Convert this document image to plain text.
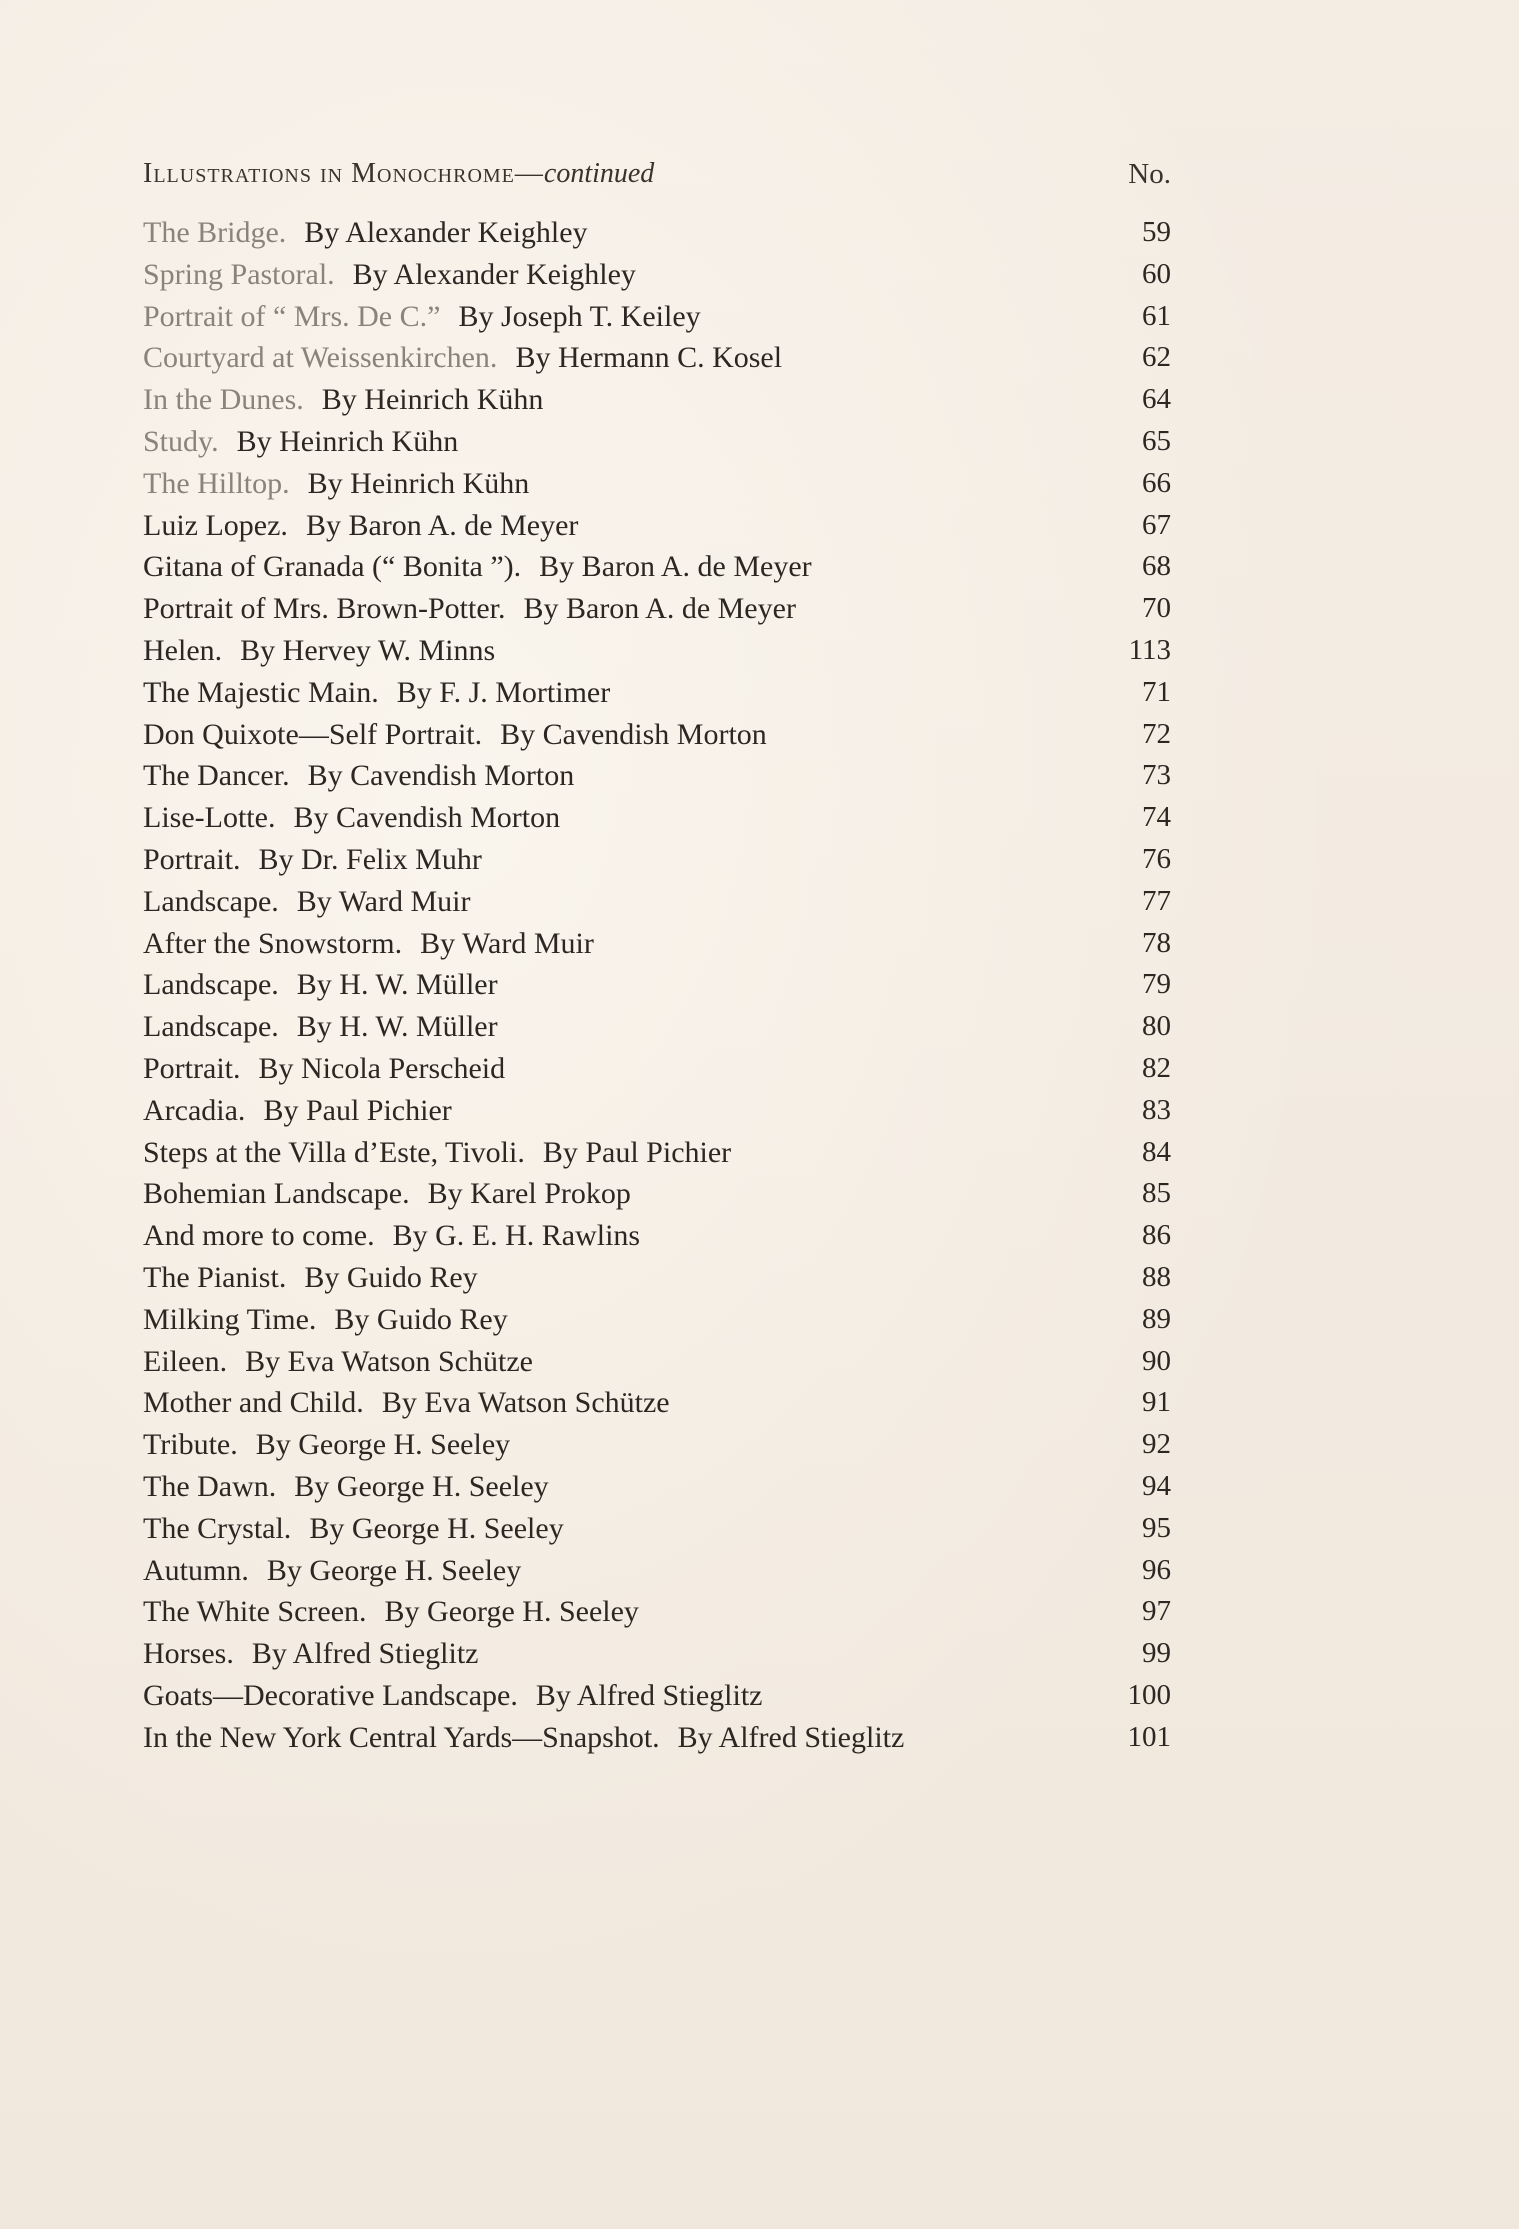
Illustrations in Monochrome—continued	No.
The Bridge. By Alexander Keighley	59
Spring Pastoral. By Alexander Keighley	60
Portrait of “ Mrs. De C.” By Joseph T. Keiley	61
Courtyard at Weissenkirchen. By Hermann C. Kosel	62
In the Dunes. By Heinrich Kühn	64
Study. By Heinrich Kühn	65
The Hilltop. By Heinrich Kühn	66
Luiz Lopez. By Baron A. de Meyer	67
Gitana of Granada (“ Bonita ”). By Baron A. de Meyer	68
Portrait of Mrs. Brown-Potter. By Baron A. de Meyer	70
Helen. By Hervey W. Minns	113
The Majestic Main. By F. J. Mortimer	71
Don Quixote—Self Portrait. By Cavendish Morton	72
The Dancer. By Cavendish Morton	73
Lise-Lotte. By Cavendish Morton	74
Portrait. By Dr. Felix Muhr	76
Landscape. By Ward Muir	77
After the Snowstorm. By Ward Muir	78
Landscape. By H. W. Müller	79
Landscape. By H. W. Müller	80
Portrait. By Nicola Perscheid	82
Arcadia. By Paul Pichier	83
Steps at the Villa d’Este, Tivoli. By Paul Pichier	84
Bohemian Landscape. By Karel Prokop	85
And more to come. By G. E. H. Rawlins	86
The Pianist. By Guido Rey	88
Milking Time. By Guido Rey	89
Eileen. By Eva Watson Schütze	90
Mother and Child. By Eva Watson Schütze	91
Tribute. By George H. Seeley	92
The Dawn. By George H. Seeley	94
The Crystal. By George H. Seeley	95
Autumn. By George H. Seeley	96
The White Screen. By George H. Seeley	97
Horses. By Alfred Stieglitz	99
Goats—Decorative Landscape. By Alfred Stieglitz	100
In the New York Central Yards—Snapshot. By Alfred Stieglitz	101
